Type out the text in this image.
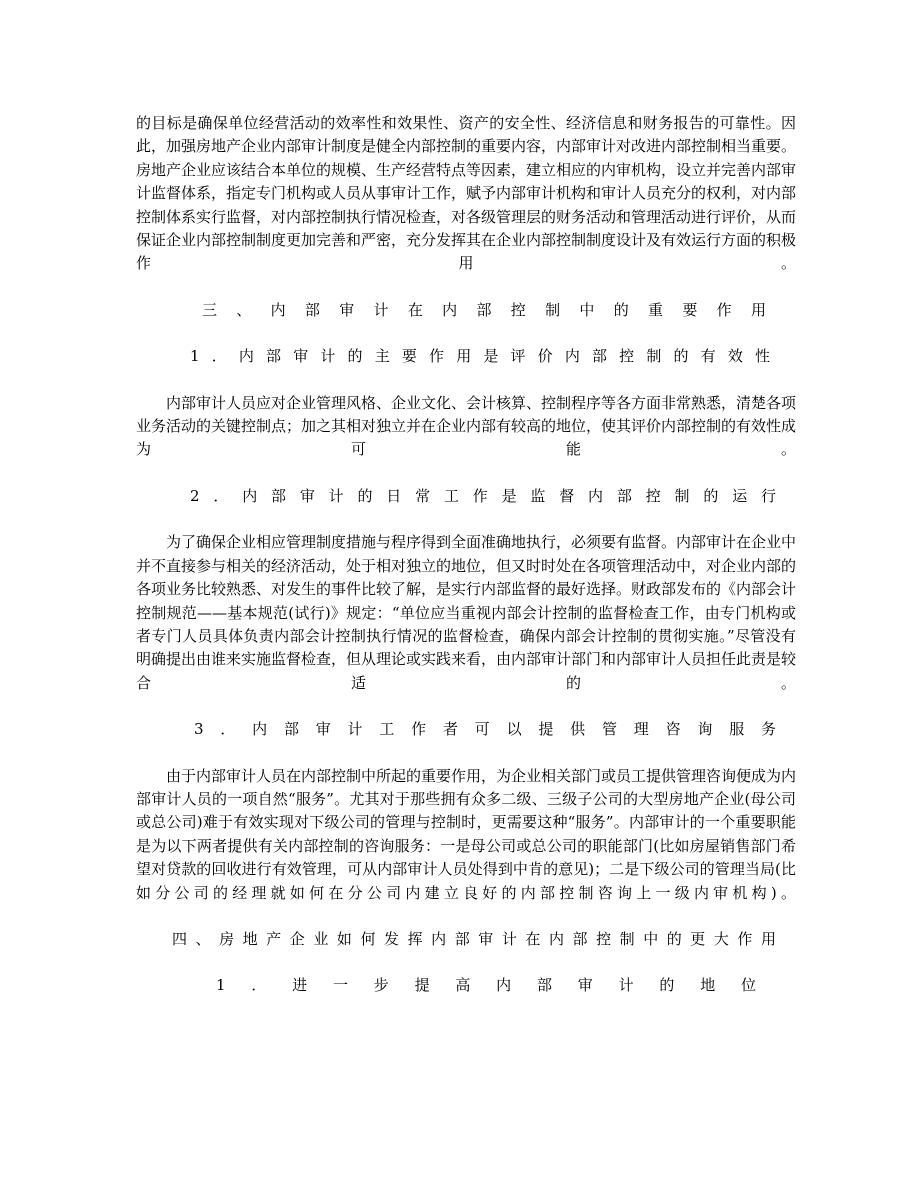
的目标是确保单位经营活动的效率性和效果性、资产的安全性、经济信息和财务报告的可靠性。因此，加强房地产企业内部审计制度是健全内部控制的重要内容，内部审计对改进内部控制相当重要。房地产企业应该结合本单位的规模、生产经营特点等因素，建立相应的内审机构，设立并完善内部审计监督体系，指定专门机构或人员从事审计工作，赋予内部审计机构和审计人员充分的权利，对内部控制体系实行监督，对内部控制执行情况检查，对各级管理层的财务活动和管理活动进行评价，从而保证企业内部控制制度更加完善和严密，充分发挥其在企业内部控制制度设计及有效运行方面的积极作用。

三、内部审计在内部控制中的重要作用

1．内部审计的主要作用是评价内部控制的有效性

内部审计人员应对企业管理风格、企业文化、会计核算、控制程序等各方面非常熟悉，清楚各项业务活动的关键控制点；加之其相对独立并在企业内部有较高的地位，使其评价内部控制的有效性成为可能。

2．内部审计的日常工作是监督内部控制的运行

为了确保企业相应管理制度措施与程序得到全面准确地执行，必须要有监督。内部审计在企业中并不直接参与相关的经济活动，处于相对独立的地位，但又时时处在各项管理活动中，对企业内部的各项业务比较熟悉、对发生的事件比较了解，是实行内部监督的最好选择。财政部发布的《内部会计控制规范——基本规范(试行)》规定：“单位应当重视内部会计控制的监督检查工作，由专门机构或者专门人员具体负责内部会计控制执行情况的监督检查，确保内部会计控制的贯彻实施。”尽管没有明确提出由谁来实施监督检查，但从理论或实践来看，由内部审计部门和内部审计人员担任此责是较合适的。

3．内部审计工作者可以提供管理咨询服务

由于内部审计人员在内部控制中所起的重要作用，为企业相关部门或员工提供管理咨询便成为内部审计人员的一项自然“服务”。尤其对于那些拥有众多二级、三级子公司的大型房地产企业(母公司或总公司)难于有效实现对下级公司的管理与控制时，更需要这种“服务”。内部审计的一个重要职能是为以下两者提供有关内部控制的咨询服务：一是母公司或总公司的职能部门(比如房屋销售部门希望对贷款的回收进行有效管理，可从内部审计人员处得到中肯的意见)；二是下级公司的管理当局(比如分公司的经理就如何在分公司内建立良好的内部控制咨询上一级内审机构)。

四、房地产企业如何发挥内部审计在内部控制中的更大作用

1．进一步提高内部审计的地位
